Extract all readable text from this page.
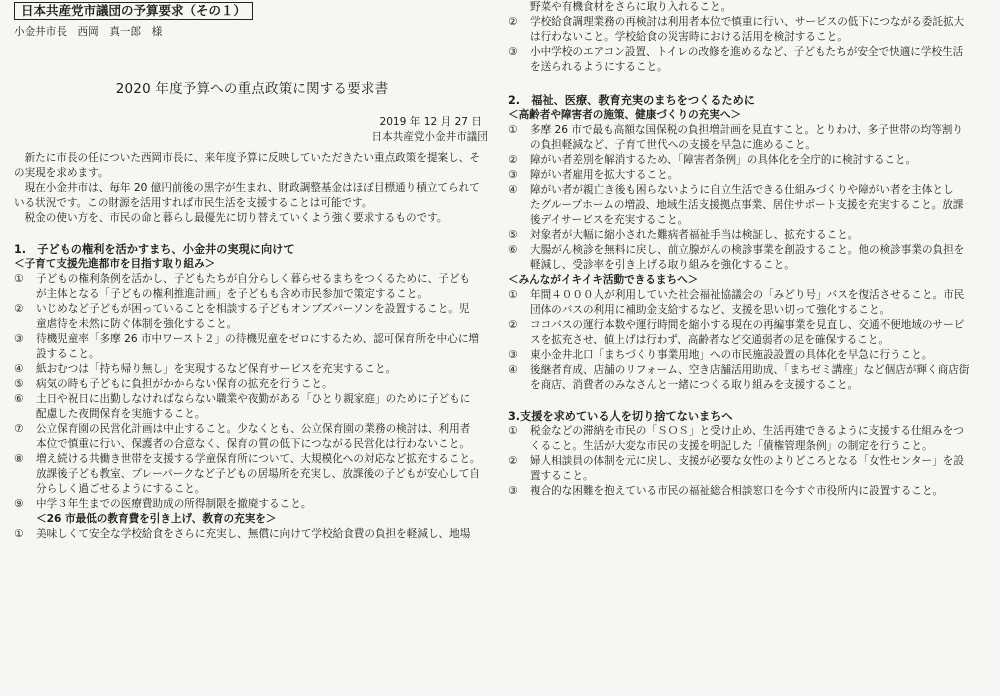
日本共産党市議団の予算要求（その１）
小金井市長　西岡　真一郎　様
2020 年度予算への重点政策に関する要求書
2019 年 12 月 27 日
日本共産党小金井市議団

新たに市長の任についた西岡市長に、来年度予算に反映していただきたい重点政策を提案し、その実現を求めます。

現在小金井市は、毎年 20 億円前後の黒字が生まれ、財政調整基金はほぼ目標通り積立てられている状況です。この財源を活用すれば市民生活を支援することは可能です。

税金の使い方を、市民の命と暮らし最優先に切り替えていくよう強く要求するものです。

1.　子どもの権利を活かすまち、小金井の実現に向けて
＜子育て支援先進都市を目指す取り組み＞
①	子どもの権利条例を活かし、子どもたちが自分らしく暮らせるまちをつくるために、子ども
が主体となる「子どもの権利推進計画」を子どもも含め市民参加で策定すること。
②	いじめなど子どもが困っていることを相談する子どもオンブズパーソンを設置すること。児
童虐待を未然に防ぐ体制を強化すること。
③	待機児童率「多摩 26 市中ワースト２」の待機児童をゼロにするため、認可保育所を中心に増
設すること。
④	紙おむつは「持ち帰り無し」を実現するなど保育サービスを充実すること。
⑤	病気の時も子どもに負担がかからない保育の拡充を行うこと。
⑥	土日や祝日に出勤しなければならない職業や夜勤がある「ひとり親家庭」のために子どもに
配慮した夜間保育を実施すること。
⑦	公立保育園の民営化計画は中止すること。少なくとも、公立保育園の業務の検討は、利用者
本位で慎重に行い、保護者の合意なく、保育の質の低下につながる民営化は行わないこと。
⑧	増え続ける共働き世帯を支援する学童保育所について、大規模化への対応など拡充すること。
放課後子ども教室、プレーパークなど子どもの居場所を充実し、放課後の子どもが安心して自
分らしく過ごせるようにすること。
⑨	中学３年生までの医療費助成の所得制限を撤廃すること。
＜26 市最低の教育費を引き上げ、教育の充実を＞
①	美味しくて安全な学校給食をさらに充実し、無償に向けて学校給食費の負担を軽減し、地場
野菜や有機食材をさらに取り入れること。
②	学校給食調理業務の再検討は利用者本位で慎重に行い、サービスの低下につながる委託拡大
は行わないこと。学校給食の災害時における活用を検討すること。
③	小中学校のエアコン設置、トイレの改修を進めるなど、子どもたちが安全で快適に学校生活
を送られるようにすること。
2.　福祉、医療、教育充実のまちをつくるために
＜高齢者や障害者の施策、健康づくりの充実へ＞
①	多摩 26 市で最も高額な国保税の負担増計画を見直すこと。とりわけ、多子世帯の均等割り
の負担軽減など、子育て世代への支援を早急に進めること。
②	障がい者差別を解消するため、「障害者条例」の具体化を全庁的に検討すること。
③	障がい者雇用を拡大すること。
④	障がい者が親亡き後も困らないように自立生活できる仕組みづくりや障がい者を主体とし
たグループホームの増設、地域生活支援拠点事業、居住サポート支援を充実すること。放課
後デイサービスを充実すること。
⑤	対象者が大幅に縮小された難病者福祉手当は検証し、拡充すること。
⑥	大腸がん検診を無料に戻し、前立腺がんの検診事業を創設すること。他の検診事業の負担を
軽減し、受診率を引き上げる取り組みを強化すること。
＜みんながイキイキ活動できるまちへ＞
①	年間４０００人が利用していた社会福祉協議会の「みどり号」バスを復活させること。市民
団体のバスの利用に補助金支給するなど、支援を思い切って強化すること。
②	ココバスの運行本数や運行時間を縮小する現在の再編事業を見直し、交通不便地域のサービ
スを拡充させ、値上げは行わず、高齢者など交通弱者の足を確保すること。
③	東小金井北口「まちづくり事業用地」への市民施設設置の具体化を早急に行うこと。
④	後継者育成、店舗のリフォーム、空き店舗活用助成、「まちゼミ講座」など個店が輝く商店街
を商店、消費者のみなさんと一緒につくる取り組みを支援すること。
3.支援を求めている人を切り捨てないまちへ
①	税金などの滞納を市民の「ＳＯＳ」と受け止め、生活再建できるように支援する仕組みをつ
くること。生活が大変な市民の支援を明記した「債権管理条例」の制定を行うこと。
②	婦人相談員の体制を元に戻し、支援が必要な女性のよりどころとなる「女性センター」を設
置すること。
③	複合的な困難を抱えている市民の福祉総合相談窓口を今すぐ市役所内に設置すること。
